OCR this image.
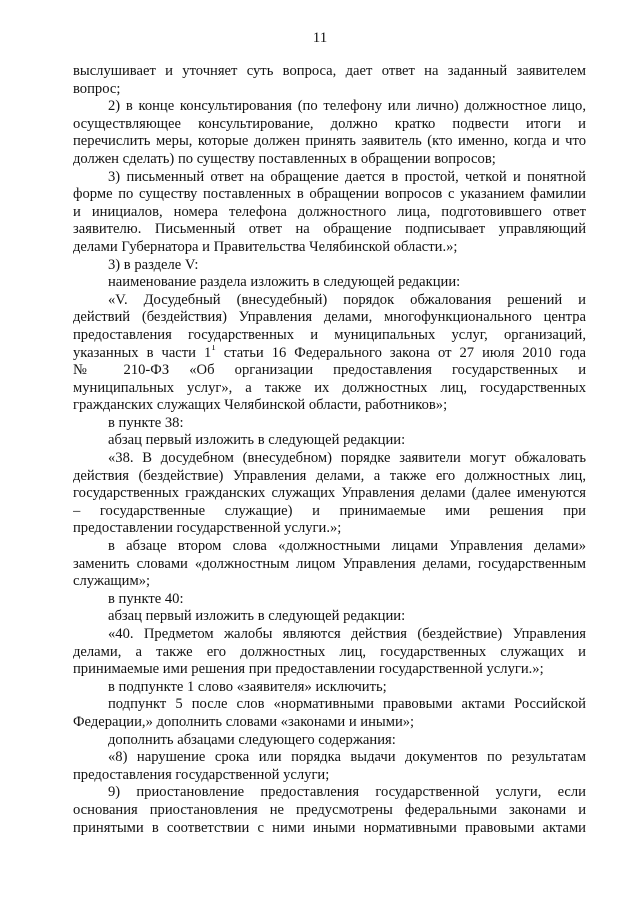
11
выслушивает и уточняет суть вопроса, дает ответ на заданный заявителем
вопрос;
2) в конце консультирования (по телефону или лично) должностное лицо,
осуществляющее консультирование, должно кратко подвести итоги и
перечислить меры, которые должен принять заявитель (кто именно, когда и что
должен сделать) по существу поставленных в обращении вопросов;
3) письменный ответ на обращение дается в простой, четкой и понятной
форме по существу поставленных в обращении вопросов с указанием фамилии
и инициалов, номера телефона должностного лица, подготовившего ответ
заявителю. Письменный ответ на обращение подписывает управляющий
делами Губернатора и Правительства Челябинской области.»;
3) в разделе V:
наименование раздела изложить в следующей редакции:
«V. Досудебный (внесудебный) порядок обжалования решений и
действий (бездействия) Управления делами, многофункционального центра
предоставления государственных и муниципальных услуг, организаций,
указанных в части $1^1$ статьи 16 Федерального закона от 27 июля 2010 года
№ 210-ФЗ «Об организации предоставления государственных и
муниципальных услуг», а также их должностных лиц, государственных
гражданских служащих Челябинской области, работников»;
в пункте 38:
абзац первый изложить в следующей редакции:
«38. В досудебном (внесудебном) порядке заявители могут обжаловать
действия (бездействие) Управления делами, а также его должностных лиц,
государственных гражданских служащих Управления делами (далее именуются
– государственные служащие) и принимаемые ими решения при
предоставлении государственной услуги.»;
в абзаце втором слова «должностными лицами Управления делами»
заменить словами «должностным лицом Управления делами, государственным
служащим»;
в пункте 40:
абзац первый изложить в следующей редакции:
«40. Предметом жалобы являются действия (бездействие) Управления
делами, а также его должностных лиц, государственных служащих и
принимаемые ими решения при предоставлении государственной услуги.»;
в подпункте 1 слово «заявителя» исключить;
подпункт 5 после слов «нормативными правовыми актами Российской
Федерации,» дополнить словами «законами и иными»;
дополнить абзацами следующего содержания:
«8) нарушение срока или порядка выдачи документов по результатам
предоставления государственной услуги;
9) приостановление предоставления государственной услуги, если
основания приостановления не предусмотрены федеральными законами и
принятыми в соответствии с ними иными нормативными правовыми актами
